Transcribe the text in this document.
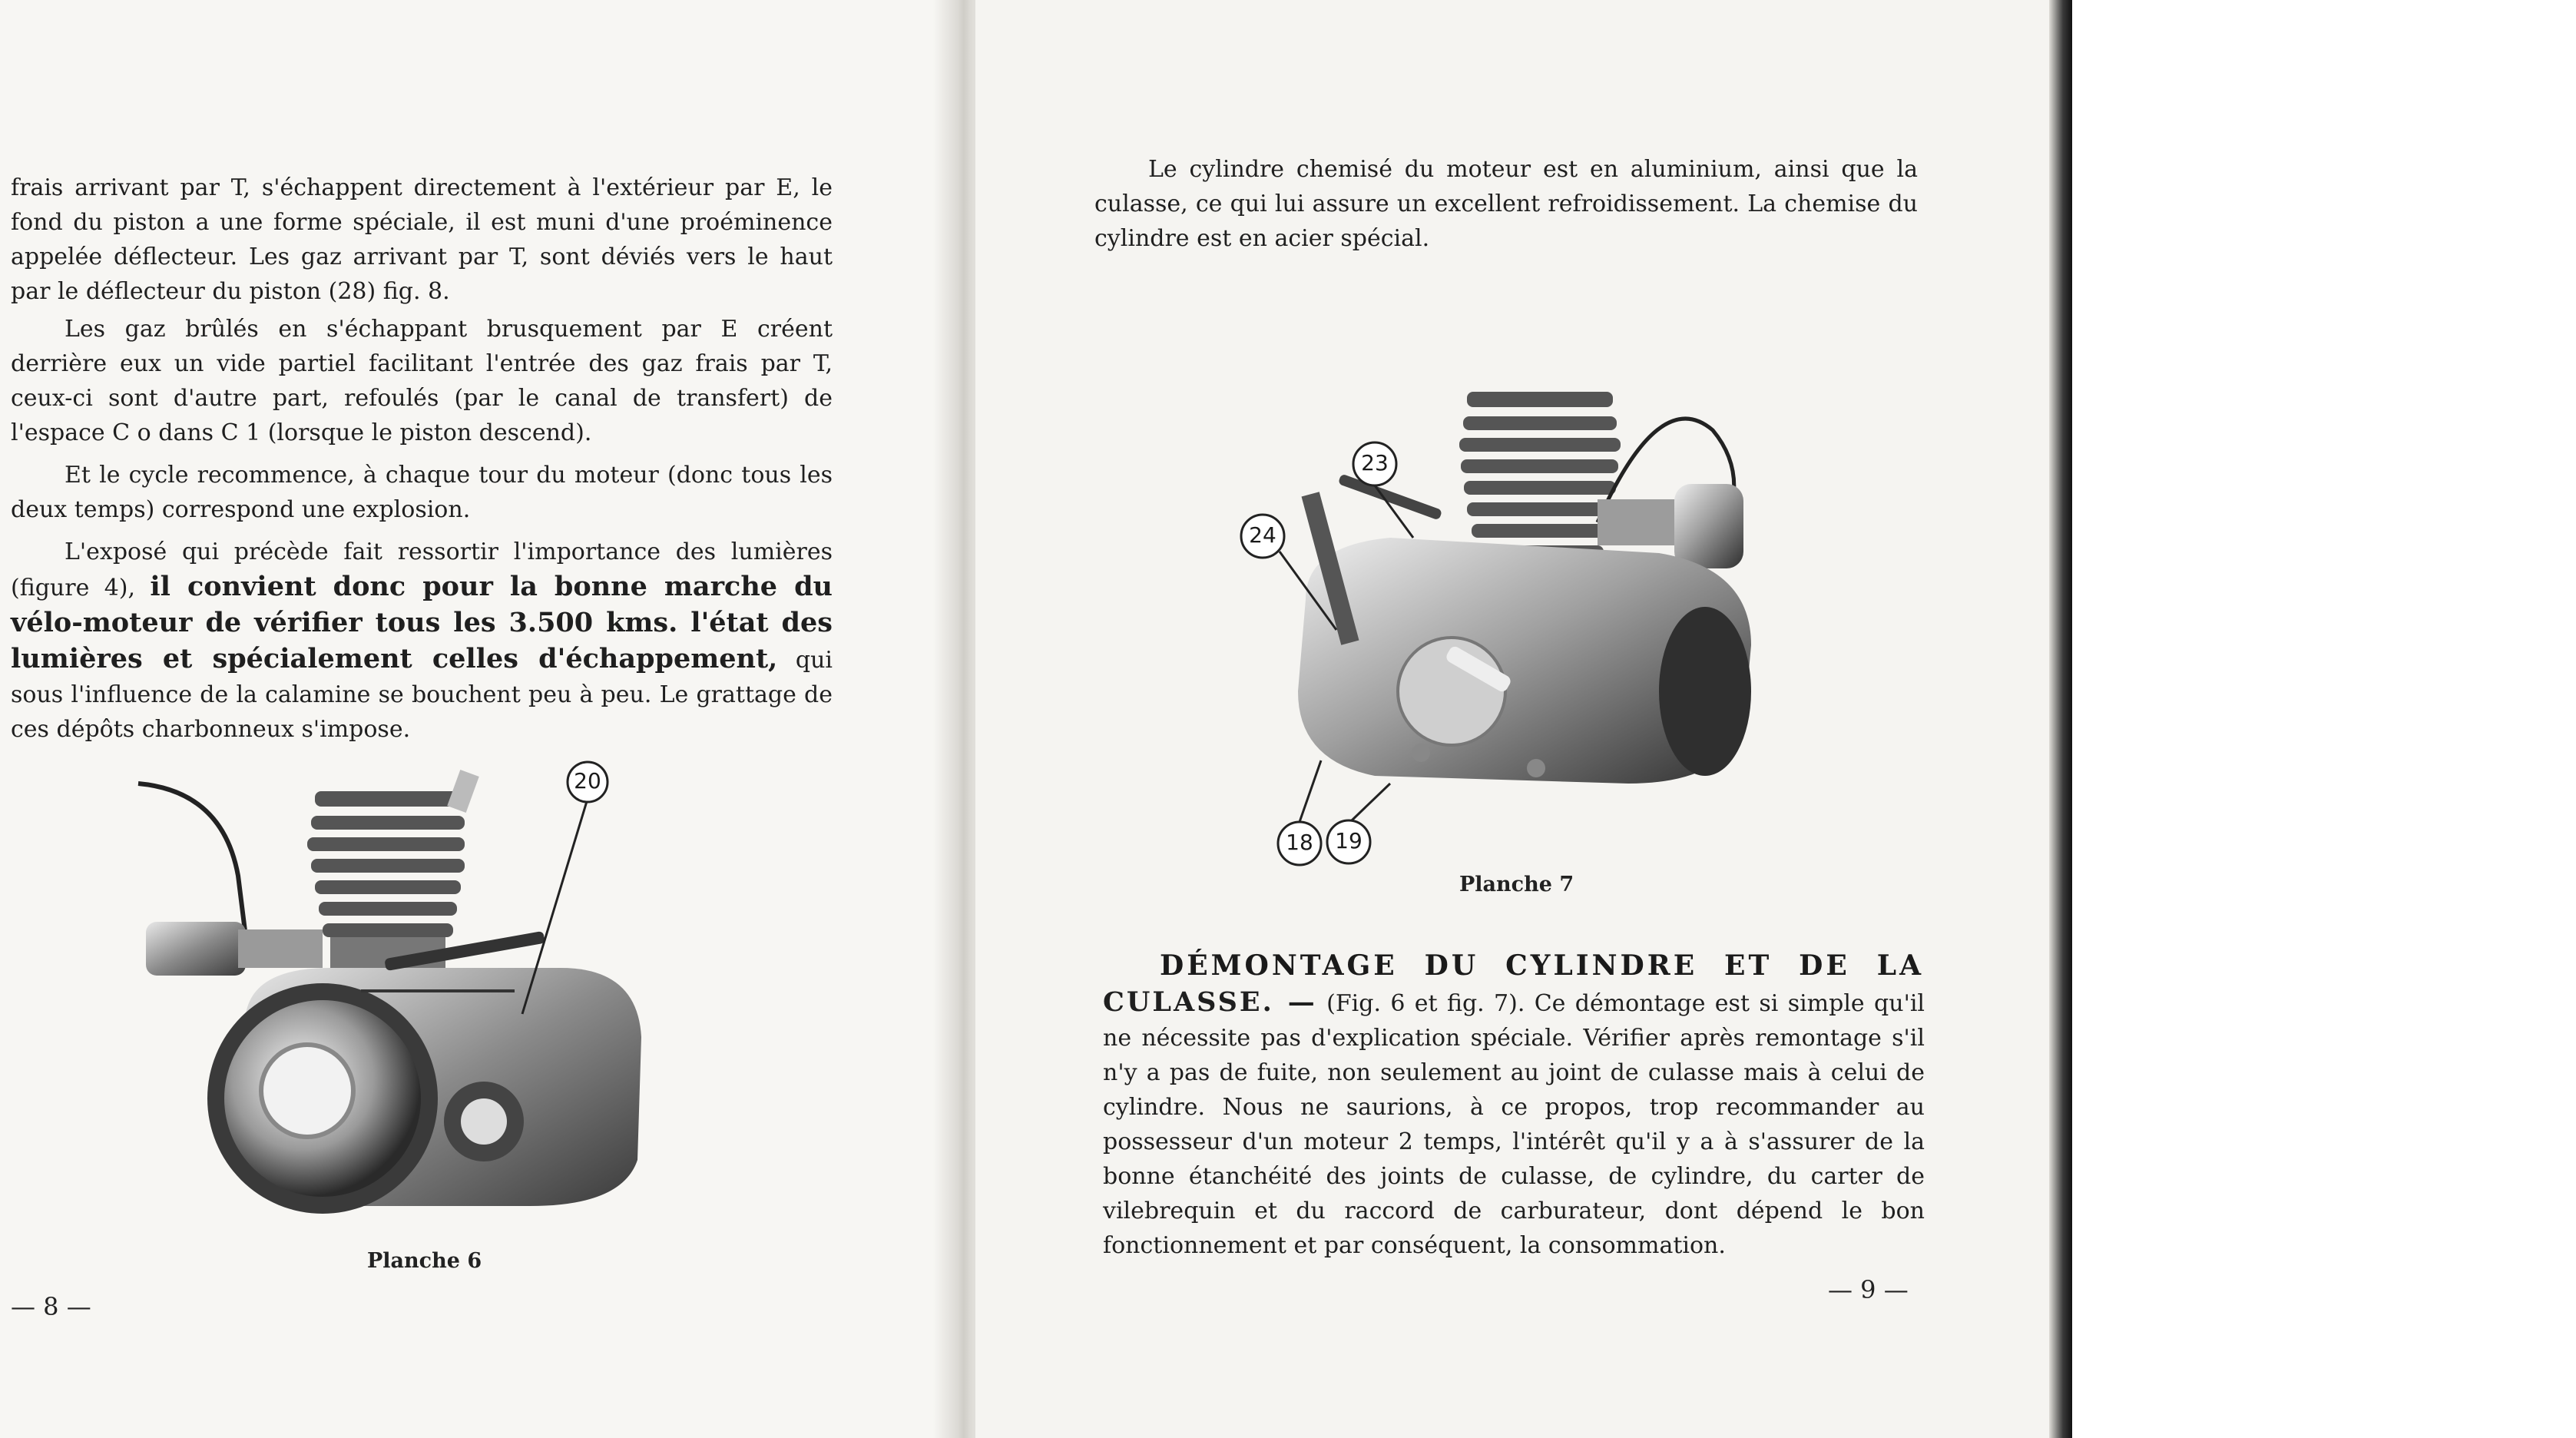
frais arrivant par T, s'échappent directement à l'extérieur par E, le fond du piston a une forme spéciale, il est muni d'une proéminence appelée déflecteur. Les gaz arrivant par T, sont déviés vers le haut par le déflecteur du piston (28) fig. 8.

Les gaz brûlés en s'échappant brusquement par E créent derrière eux un vide partiel facilitant l'entrée des gaz frais par T, ceux-ci sont d'autre part, refoulés (par le canal de transfert) de l'espace C o dans C 1 (lorsque le piston descend).

Et le cycle recommence, à chaque tour du moteur (donc tous les deux temps) correspond une explosion.

L'exposé qui précède fait ressortir l'importance des lumières (figure 4), il convient donc pour la bonne marche du vélo-moteur de vérifier tous les 3.500 kms. l'état des lumières et spécialement celles d'échappement, qui sous l'influence de la calamine se bouchent peu à peu. Le grattage de ces dépôts charbonneux s'impose.

20
Planche 6
— 8 —

Le cylindre chemisé du moteur est en aluminium, ainsi que la culasse, ce qui lui assure un excellent refroidissement. La chemise du cylindre est en acier spécial.

23
24
18	19
Planche 7
DÉMONTAGE DU CYLINDRE ET DE LA

CULASSE. — (Fig. 6 et fig. 7). Ce démontage est si simple qu'il ne nécessite pas d'explication spéciale. Vérifier après remontage s'il n'y a pas de fuite, non seulement au joint de culasse mais à celui de cylindre. Nous ne saurions, à ce propos, trop recommander au possesseur d'un moteur 2 temps, l'intérêt qu'il y a à s'assurer de la bonne étanchéité des joints de culasse, de cylindre, du carter de vilebrequin et du raccord de carburateur, dont dépend le bon fonctionnement et par conséquent, la consommation.

— 9 —
